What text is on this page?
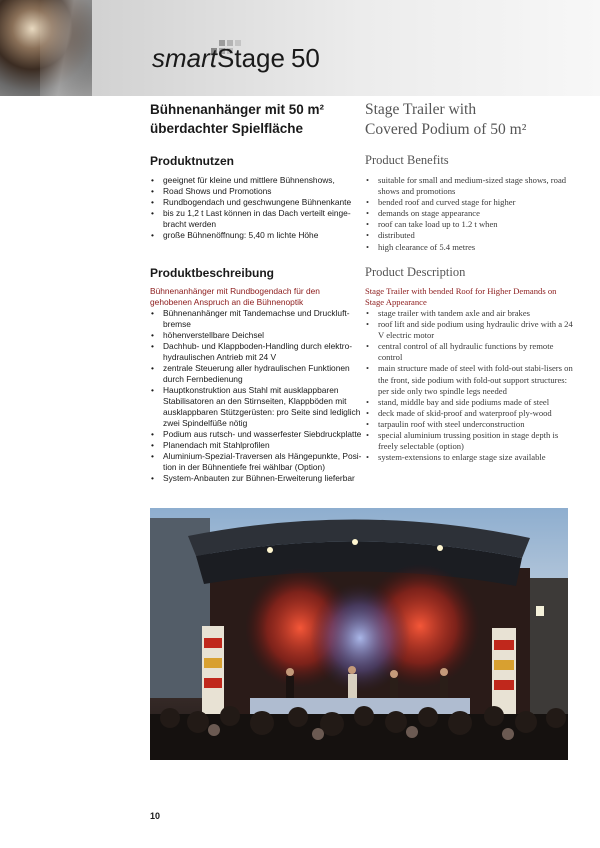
smartStage 50
Bühnenanhänger mit 50 m²
überdachter Spielfläche
Stage Trailer with
Covered Podium of 50 m²
Produktnutzen	Product Benefits
• geeignet für kleine und mittlere Bühnenshows,
• Road Shows und Promotions
• Rundbogendach und geschwungene Bühnenkante
• bis zu 1,2 t Last können in das Dach verteilt einge-bracht werden
• große Bühnenöffnung: 5,40 m lichte Höhe
• suitable for small and medium-sized stage shows, road shows and promotions
• bended roof and curved stage for higher
• demands on stage appearance
• roof can take load up to 1.2 t when
• distributed
• high clearance of 5.4 metres
Produktbeschreibung	Product Description
Bühnenanhänger mit Rundbogendach für den gehobenen Anspruch an die Bühnenoptik
Stage Trailer with bended Roof for Higher Demands on Stage Appearance
• Bühnenanhänger mit Tandemachse und Druckluft-bremse
• höhenverstellbare Deichsel
• Dachhub- und Klappboden-Handling durch elektro-hydraulischen Antrieb mit 24 V
• zentrale Steuerung aller hydraulischen Funktionen durch Fernbedienung
• Hauptkonstruktion aus Stahl mit ausklappbaren Stabilisatoren an den Stirnseiten, Klappböden mit ausklappbaren Stützgerüsten: pro Seite sind lediglich zwei Spindelfüße nötig
• Podium aus rutsch- und wasserfester Siebdruckplatte
• Planendach mit Stahlprofilen
• Aluminium-Spezial-Traversen als Hängepunkte, Posi-tion in der Bühnentiefe frei wählbar (Option)
• System-Anbauten zur Bühnen-Erweiterung lieferbar
• stage trailer with tandem axle and air brakes
• roof lift and side podium using hydraulic drive with a 24 V electric motor
• central control of all hydraulic functions by remote control
• main structure made of steel with fold-out stabi-lisers on the front, side podium with fold-out support structures: per side only two spindle legs needed
• stand, middle bay and side podiums made of steel
• deck made of skid-proof and waterproof ply-wood
• tarpaulin roof with steel underconstruction
• special aluminium trussing position in stage depth is freely selectable (option)
• system-extensions to enlarge stage size available
10
